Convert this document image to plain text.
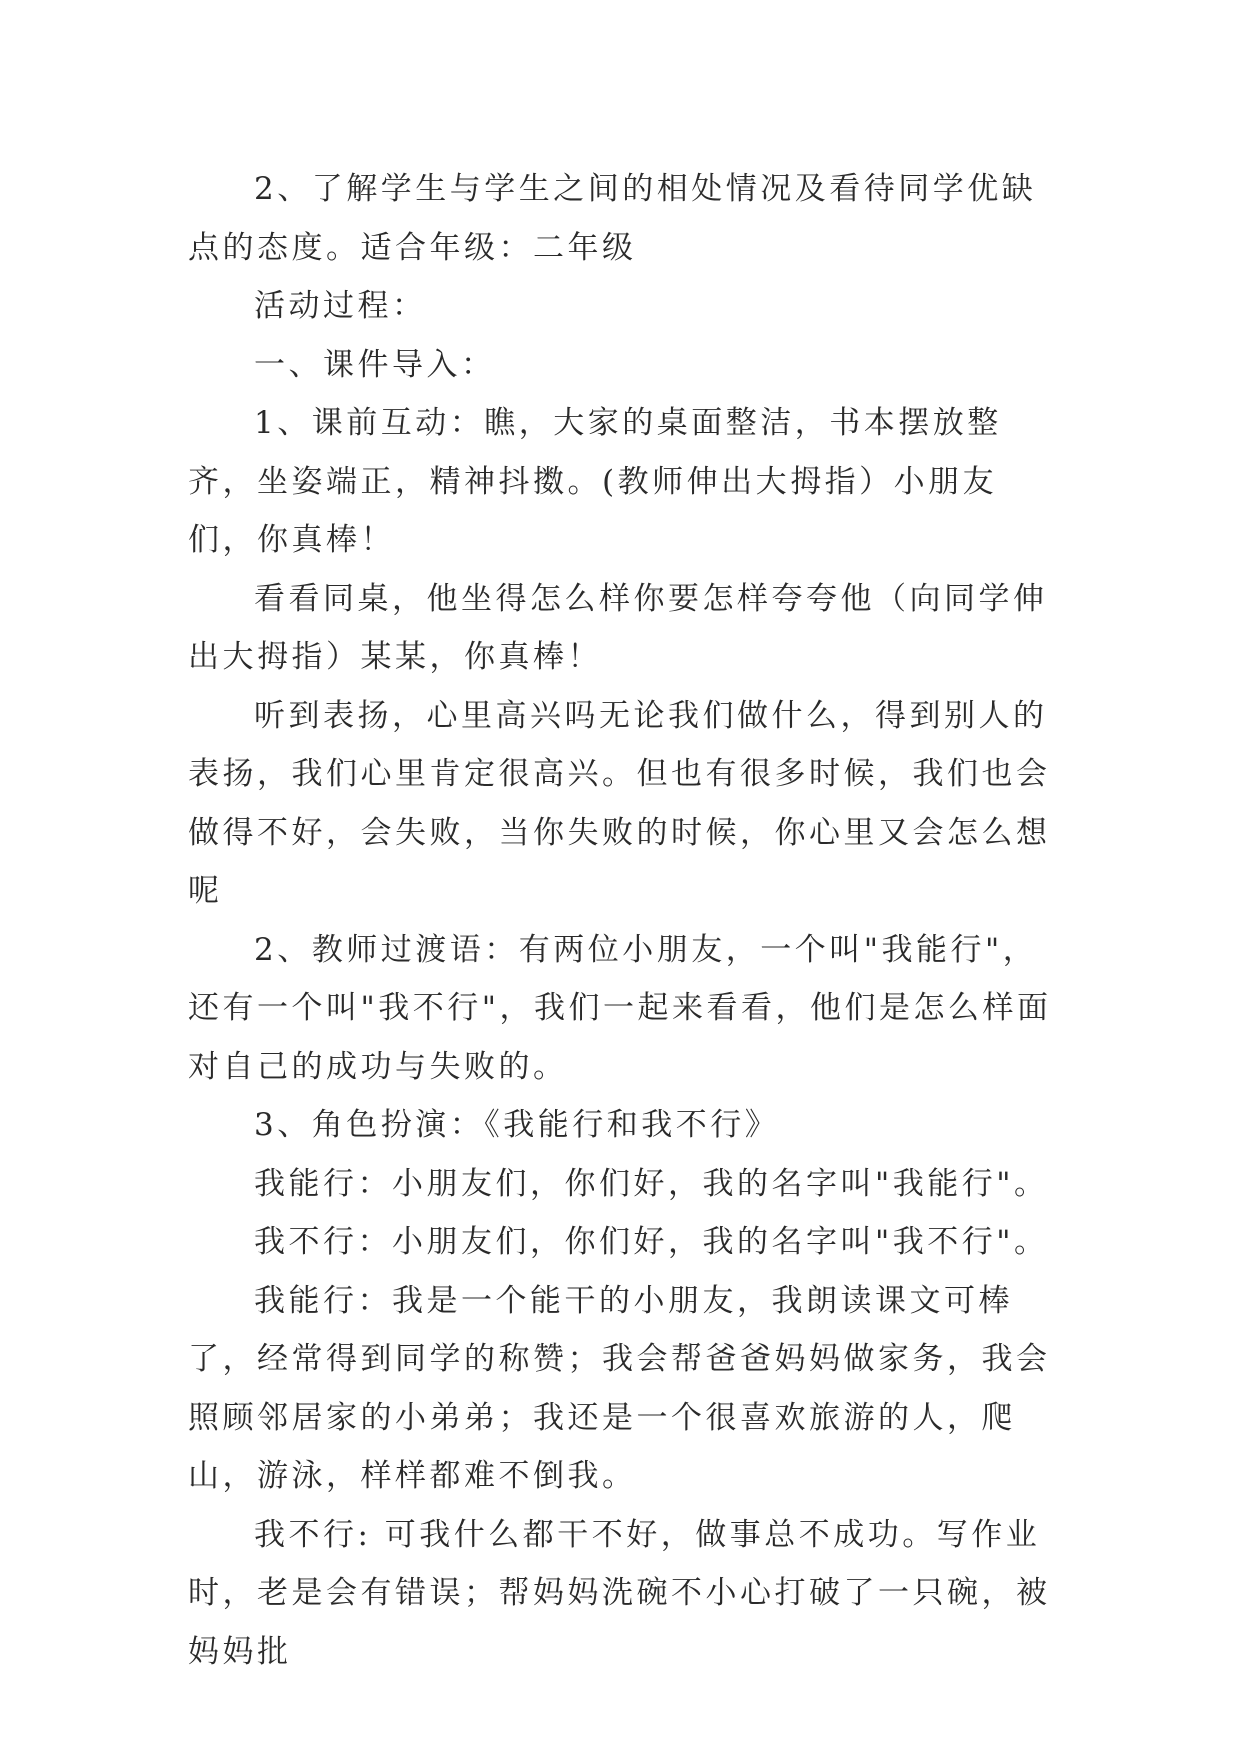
2、了解学生与学生之间的相处情况及看待同学优缺点的态度。适合年级：二年级

活动过程：

一、课件导入：

1、课前互动：瞧，大家的桌面整洁，书本摆放整齐，坐姿端正，精神抖擞。(教师伸出大拇指）小朋友们，你真棒！

看看同桌，他坐得怎么样你要怎样夸夸他（向同学伸出大拇指）某某，你真棒！

听到表扬，心里高兴吗无论我们做什么，得到别人的表扬，我们心里肯定很高兴。但也有很多时候，我们也会做得不好，会失败，当你失败的时候，你心里又会怎么想呢

2、教师过渡语：有两位小朋友，一个叫"我能行"，还有一个叫"我不行"，我们一起来看看，他们是怎么样面对自己的成功与失败的。

3、角色扮演：《我能行和我不行》

我能行：小朋友们，你们好，我的名字叫"我能行"。

我不行：小朋友们，你们好，我的名字叫"我不行"。

我能行：我是一个能干的小朋友，我朗读课文可棒了，经常得到同学的称赞；我会帮爸爸妈妈做家务，我会照顾邻居家的小弟弟；我还是一个很喜欢旅游的人，爬山，游泳，样样都难不倒我。

我不行: 可我什么都干不好，做事总不成功。写作业时，老是会有错误；帮妈妈洗碗不小心打破了一只碗，被妈妈批
